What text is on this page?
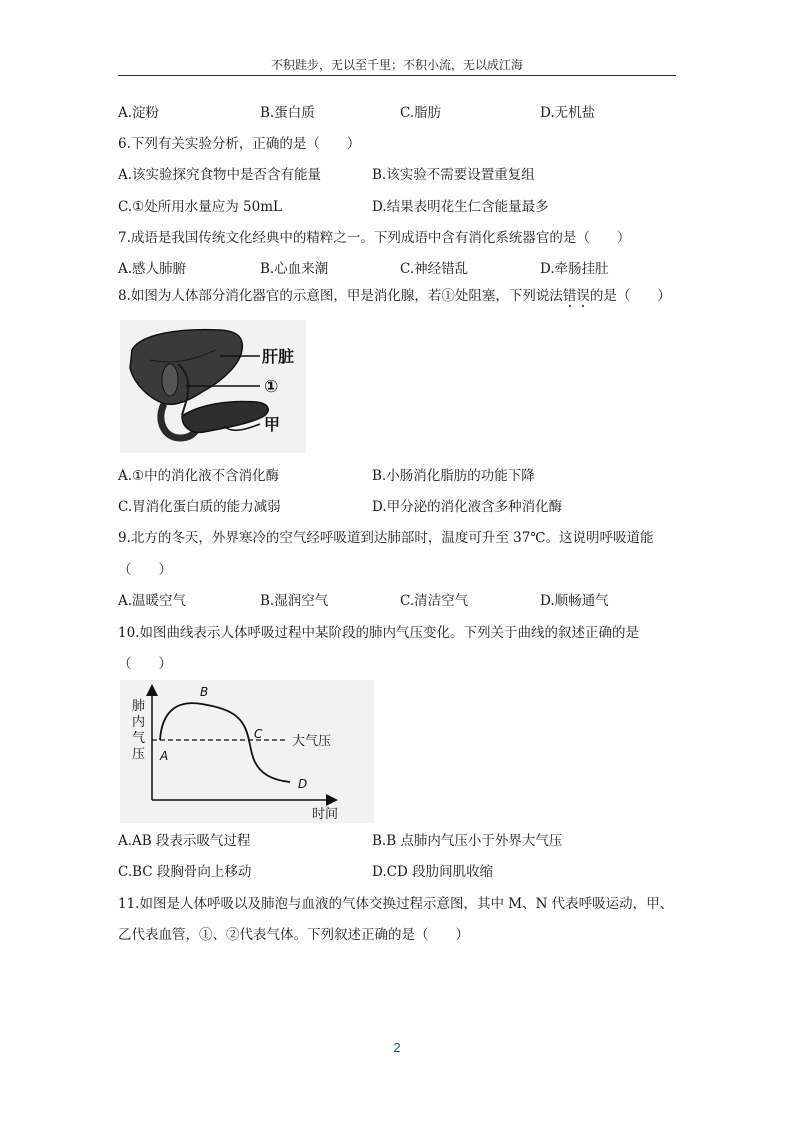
不积跬步，无以至千里；不积小流，无以成江海
A.淀粉	B.蛋白质	C.脂肪	D.无机盐
6.下列有关实验分析，正确的是（　　）
A.该实验探究食物中是否含有能量	B.该实验不需要设置重复组
C.①处所用水量应为 50mL	D.结果表明花生仁含能量最多
7.成语是我国传统文化经典中的精粹之一。下列成语中含有消化系统器官的是（　　）
A.感人肺腑	B.心血来潮	C.神经错乱	D.牵肠挂肚
8.如图为人体部分消化器官的示意图，甲是消化腺，若①处阻塞，下列说法错误的是（　　）
肝脏
①
甲
A.①中的消化液不含消化酶	B.小肠消化脂肪的功能下降
C.胃消化蛋白质的能力减弱	D.甲分泌的消化液含多种消化酶
9.北方的冬天，外界寒冷的空气经呼吸道到达肺部时，温度可升至 37℃。这说明呼吸道能
（　　）
A.温暖空气	B.湿润空气	C.清洁空气	D.顺畅通气
10.如图曲线表示人体呼吸过程中某阶段的肺内气压变化。下列关于曲线的叙述正确的是
（　　）
肺
内
气
压
时间
大气压
A
B
C
D
A.AB 段表示吸气过程	B.B 点肺内气压小于外界大气压
C.BC 段胸骨向上移动	D.CD 段肋间肌收缩
11.如图是人体呼吸以及肺泡与血液的气体交换过程示意图，其中 M、N 代表呼吸运动，甲、
乙代表血管，①、②代表气体。下列叙述正确的是（　　）
2
